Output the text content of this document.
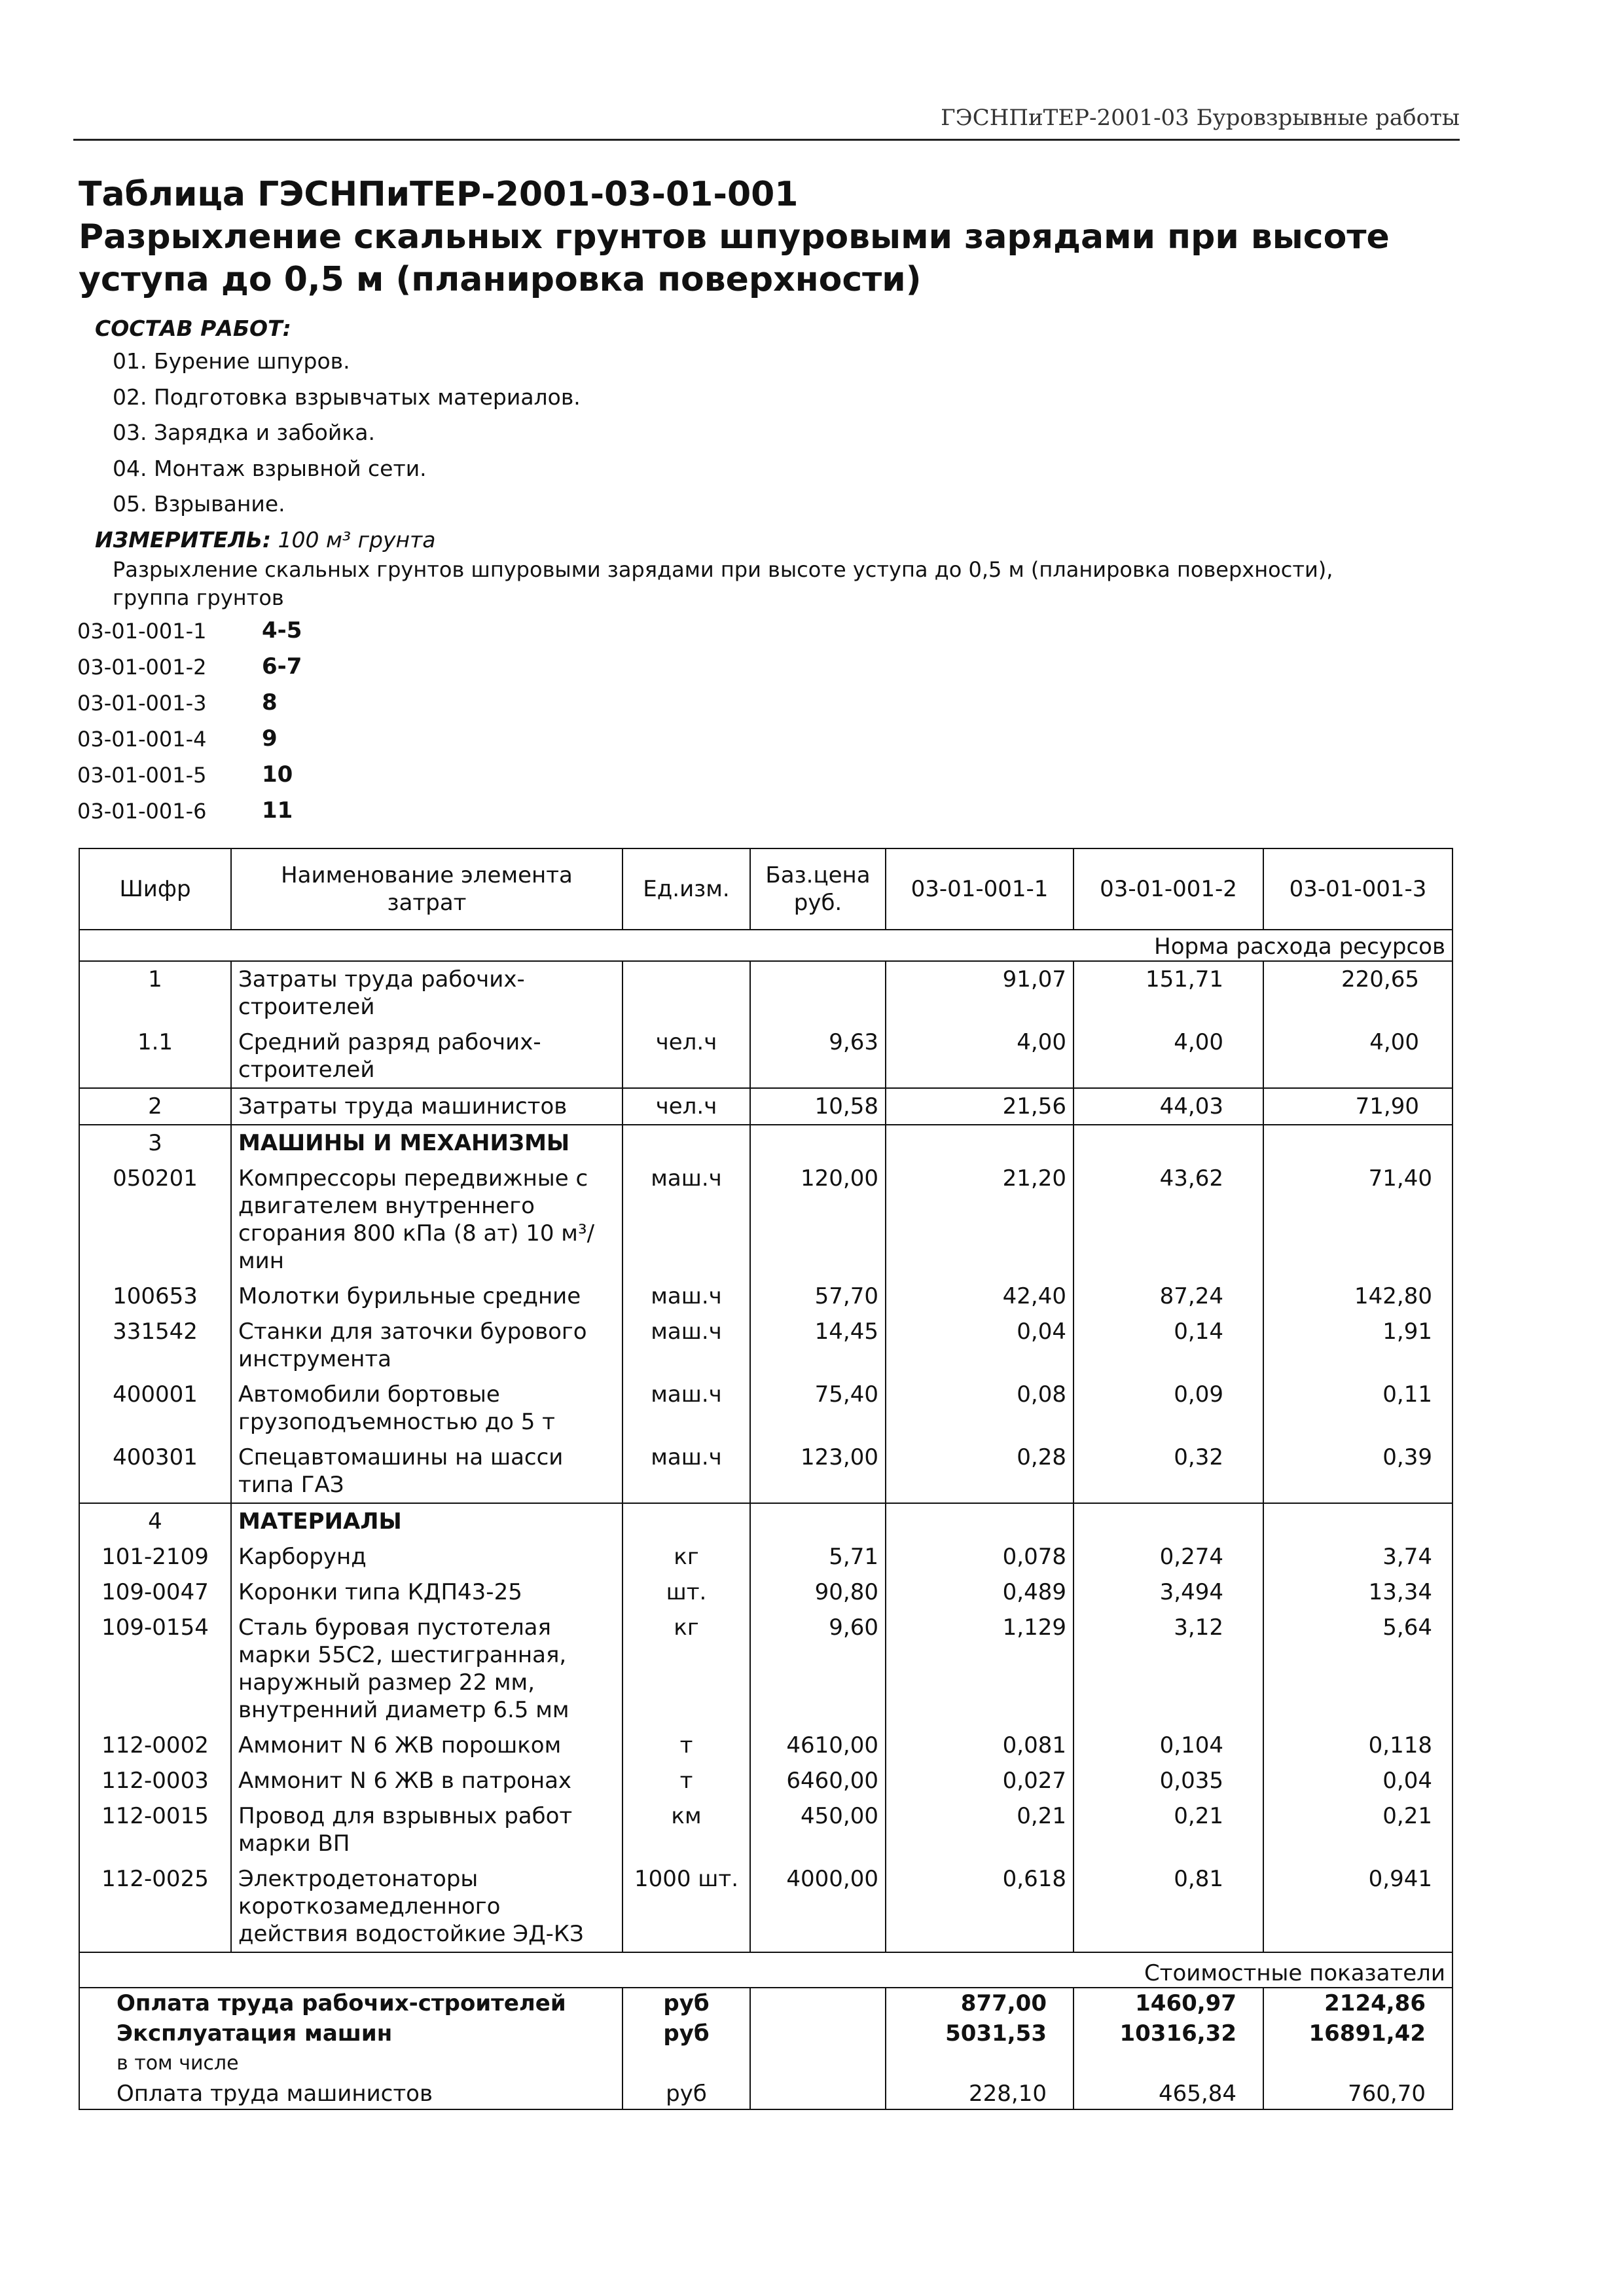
ГЭСНПиТЕР-2001-03 Буровзрывные работы
Таблица ГЭСНПиТЕР-2001-03-01-001
Разрыхление скальных грунтов шпуровыми зарядами при высоте
уступа до 0,5 м (планировка поверхности)
СОСТАВ РАБОТ:
01. Бурение шпуров.
02. Подготовка взрывчатых материалов.
03. Зарядка и забойка.
04. Монтаж взрывной сети.
05. Взрывание.
ИЗМЕРИТЕЛЬ: 100 м³ грунта
Разрыхление скальных грунтов шпуровыми зарядами при высоте уступа до 0,5 м (планировка поверхности),
группа грунтов
03-01-001-1 4-5
03-01-001-2 6-7
03-01-001-3 8
03-01-001-4 9
03-01-001-5 10
03-01-001-6 11
Шифр	Наименование элемента затрат	Ед.изм.	Баз.цена руб.	03-01-001-1	03-01-001-2	03-01-001-3
Норма расхода ресурсов						
1	Затраты труда рабочих-строителей			91,07	151,71	220,65
1.1	Средний разряд рабочих-строителей	чел.ч	9,63	4,00	4,00	4,00
2	Затраты труда машинистов	чел.ч	10,58	21,56	44,03	71,90
3	МАШИНЫ И МЕХАНИЗМЫ					
050201	Компрессоры передвижные с двигателем внутреннего сгорания 800 кПа (8 ат) 10 м³/мин	маш.ч	120,00	21,20	43,62	71,40
100653	Молотки бурильные средние	маш.ч	57,70	42,40	87,24	142,80
331542	Станки для заточки бурового инструмента	маш.ч	14,45	0,04	0,14	1,91
400001	Автомобили бортовые грузоподъемностью до 5 т	маш.ч	75,40	0,08	0,09	0,11
400301	Спецавтомашины на шасси типа ГАЗ	маш.ч	123,00	0,28	0,32	0,39
4	МАТЕРИАЛЫ					
101-2109	Карборунд	кг	5,71	0,078	0,274	3,74
109-0047	Коронки типа КДП43-25	шт.	90,80	0,489	3,494	13,34
109-0154	Сталь буровая пустотелая марки 55С2, шестигранная, наружный размер 22 мм, внутренний диаметр 6.5 мм	кг	9,60	1,129	3,12	5,64
112-0002	Аммонит N 6 ЖВ порошком	т	4610,00	0,081	0,104	0,118
112-0003	Аммонит N 6 ЖВ в патронах	т	6460,00	0,027	0,035	0,04
112-0015	Провод для взрывных работ марки ВП	км	450,00	0,21	0,21	0,21
112-0025	Электродетонаторы короткозамедленного действия водостойкие ЭД-КЗ	1000 шт.	4000,00	0,618	0,81	0,941
Стоимостные показатели						
Оплата труда рабочих-строителей		руб		877,00	1460,97	2124,86
Эксплуатация машин		руб		5031,53	10316,32	16891,42
в том числе						
Оплата труда машинистов		руб		228,10	465,84	760,70
